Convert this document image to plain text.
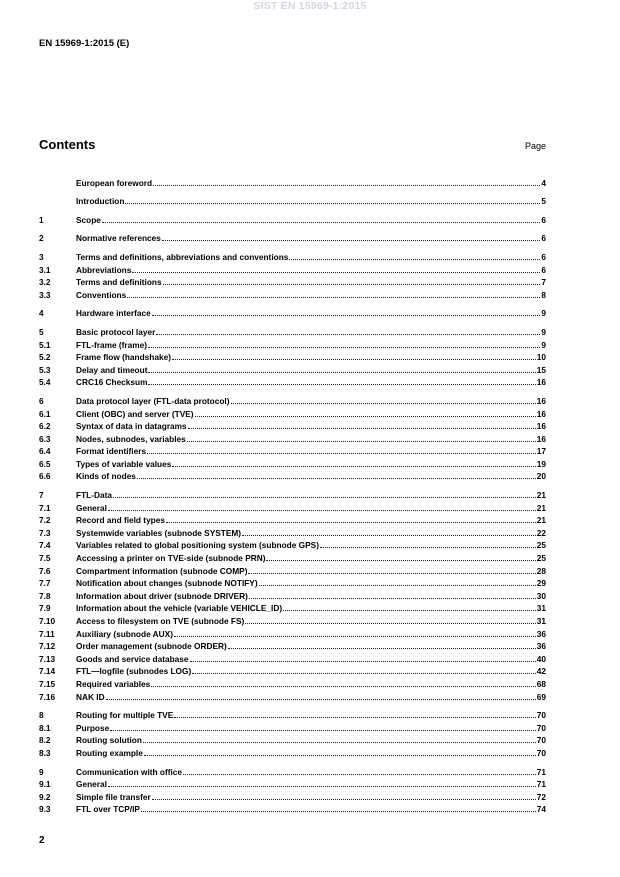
SIST EN 15969-1:2015
EN 15969-1:2015 (E)
Contents	Page
European foreword	4
Introduction	5
1	Scope	6
2	Normative references	6
3	Terms and definitions, abbreviations and conventions	6
3.1	Abbreviations	6
3.2	Terms and definitions	7
3.3	Conventions	8
4	Hardware interface	9
5	Basic protocol layer	9
5.1	FTL-frame (frame)	9
5.2	Frame flow (handshake)	10
5.3	Delay and timeout	15
5.4	CRC16 Checksum	16
6	Data protocol layer (FTL-data protocol)	16
6.1	Client (OBC) and server (TVE)	16
6.2	Syntax of data in datagrams	16
6.3	Nodes, subnodes, variables	16
6.4	Format identifiers	17
6.5	Types of variable values	19
6.6	Kinds of nodes	20
7	FTL-Data	21
7.1	General	21
7.2	Record and field types	21
7.3	Systemwide variables (subnode SYSTEM)	22
7.4	Variables related to global positioning system (subnode GPS)	25
7.5	Accessing a printer on TVE-side (subnode PRN)	25
7.6	Compartment information (subnode COMP)	28
7.7	Notification about changes (subnode NOTIFY)	29
7.8	Information about driver (subnode DRIVER)	30
7.9	Information about the vehicle (variable VEHICLE_ID)	31
7.10	Access to filesystem on TVE (subnode FS)	31
7.11	Auxiliary (subnode AUX)	36
7.12	Order management (subnode ORDER)	36
7.13	Goods and service database	40
7.14	FTL—logfile (subnodes LOG)	42
7.15	Required variables	68
7.16	NAK ID	69
8	Routing for multiple TVE	70
8.1	Purpose	70
8.2	Routing solution	70
8.3	Routing example	70
9	Communication with office	71
9.1	General	71
9.2	Simple file transfer	72
9.3	FTL over TCP/IP	74
2
